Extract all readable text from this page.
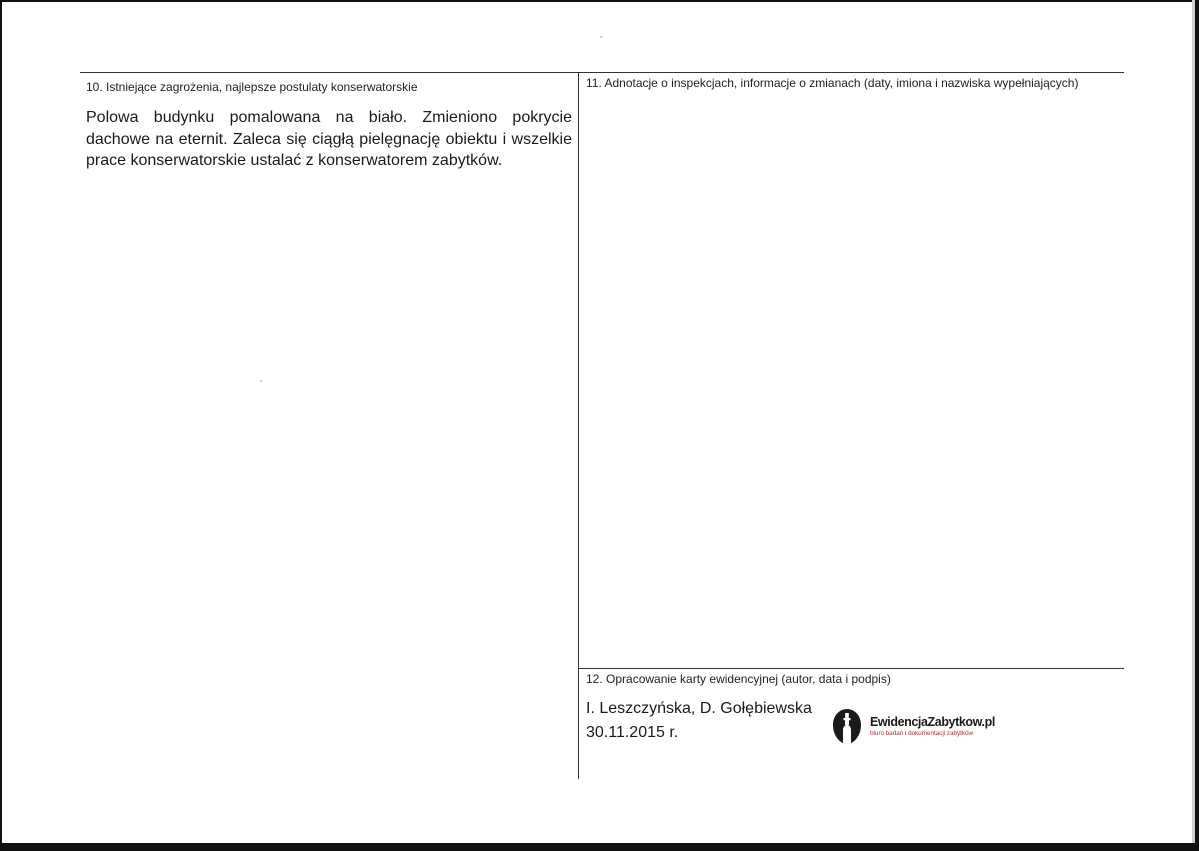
10. Istniejące zagrożenia, najlepsze postulaty konserwatorskie
Polowa budynku pomalowana na biało. Zmieniono pokrycie dachowe na eternit. Zaleca się ciągłą pielęgnację obiektu i wszelkie prace konserwatorskie ustalać z konserwatorem zabytków.
11. Adnotacje o inspekcjach, informacje o zmianach (daty, imiona i nazwiska wypełniających)
12. Opracowanie karty ewidencyjnej (autor, data i podpis)
I. Leszczyńska, D. Gołębiewska
30.11.2015 r.
EwidencjaZabytkow.pl
biuro badań i dokumentacji zabytków
